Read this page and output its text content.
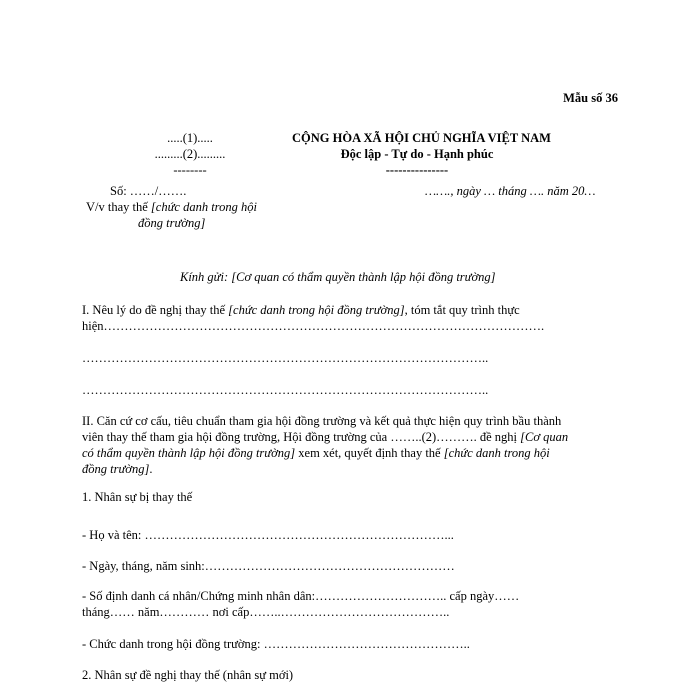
Mẫu số 36
.....(1).....
.........(2).........
--------
CỘNG HÒA XÃ HỘI CHỦ NGHĨA VIỆT NAM
Độc lập - Tự do - Hạnh phúc
---------------
Số: ……/…….
V/v thay thế [chức danh trong hội
đồng trường]
……., ngày … tháng …. năm 20…
Kính gửi: [Cơ quan có thẩm quyền thành lập hội đồng trường]
I. Nêu lý do đề nghị thay thế [chức danh trong hội đồng trường], tóm tắt quy trình thực
hiện…………………………………………………………………………………………….
……………………………………………………………………………………..
……………………………………………………………………………………..
II. Căn cứ cơ cấu, tiêu chuẩn tham gia hội đồng trường và kết quả thực hiện quy trình bầu thành
viên thay thế tham gia hội đồng trường, Hội đồng trường của ……..(2)………. đề nghị [Cơ quan
có thẩm quyền thành lập hội đồng trường] xem xét, quyết định thay thế [chức danh trong hội
đồng trường].
1. Nhân sự bị thay thế
- Họ và tên: ………………………………………………………………...
- Ngày, tháng, năm sinh:……………………………………………………
- Số định danh cá nhân/Chứng minh nhân dân:………………………….. cấp ngày……
tháng…… năm………… nơi cấp……..…………………………………..
- Chức danh trong hội đồng trường: …………………………………………..
2. Nhân sự đề nghị thay thế (nhân sự mới)
